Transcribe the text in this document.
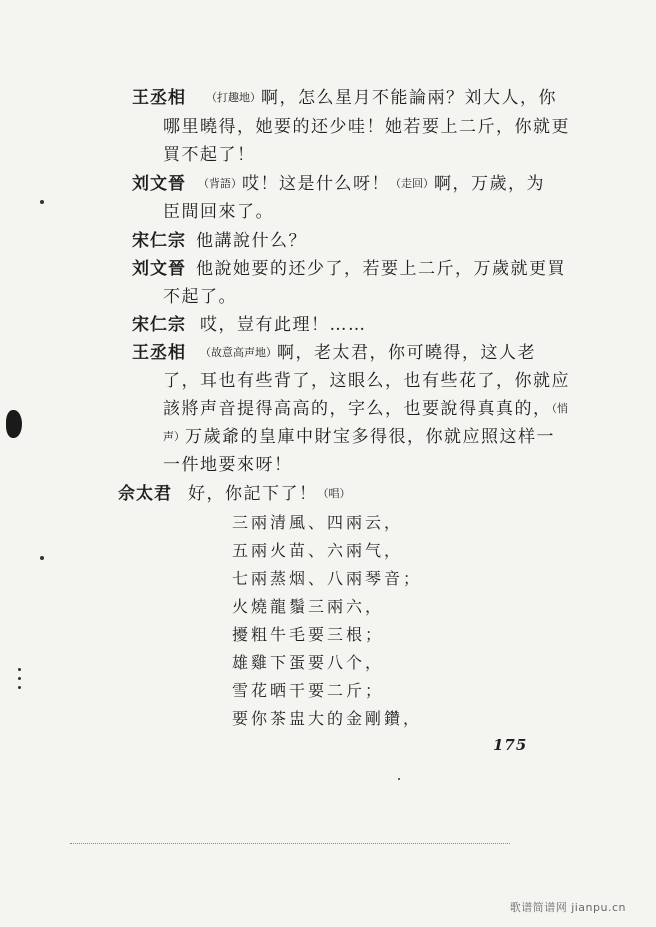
王丞相 （打趣地）啊，怎么星月不能論兩？刘大人，你
哪里曉得，她要的还少哇！她若要上二斤，你就更
買不起了！
刘文晉 （背語）哎！这是什么呀！（走回）啊，万歲，为
臣間回來了。
宋仁宗 他講說什么？
刘文晉 他說她要的还少了，若要上二斤，万歲就更買
不起了。
宋仁宗 哎，豈有此理！……
王丞相 （故意高声地）啊，老太君，你可曉得，这人老
了，耳也有些背了，这眼么，也有些花了，你就应
該將声音提得高高的，字么，也要說得真真的，（悄
声）万歲爺的皇庫中財宝多得很，你就应照这样一
一件地要來呀！
佘太君 好，你記下了！（唱）
三兩清風、四兩云，
五兩火苗、六兩气，
七兩蒸烟、八兩琴音；
火燒龍鬚三兩六，
擾粗牛毛要三根；
雄雞下蛋要八个，
雪花晒干要二斤；
要你茶盅大的金剛鑽，
175
歌谱简谱网 jianpu.cn
